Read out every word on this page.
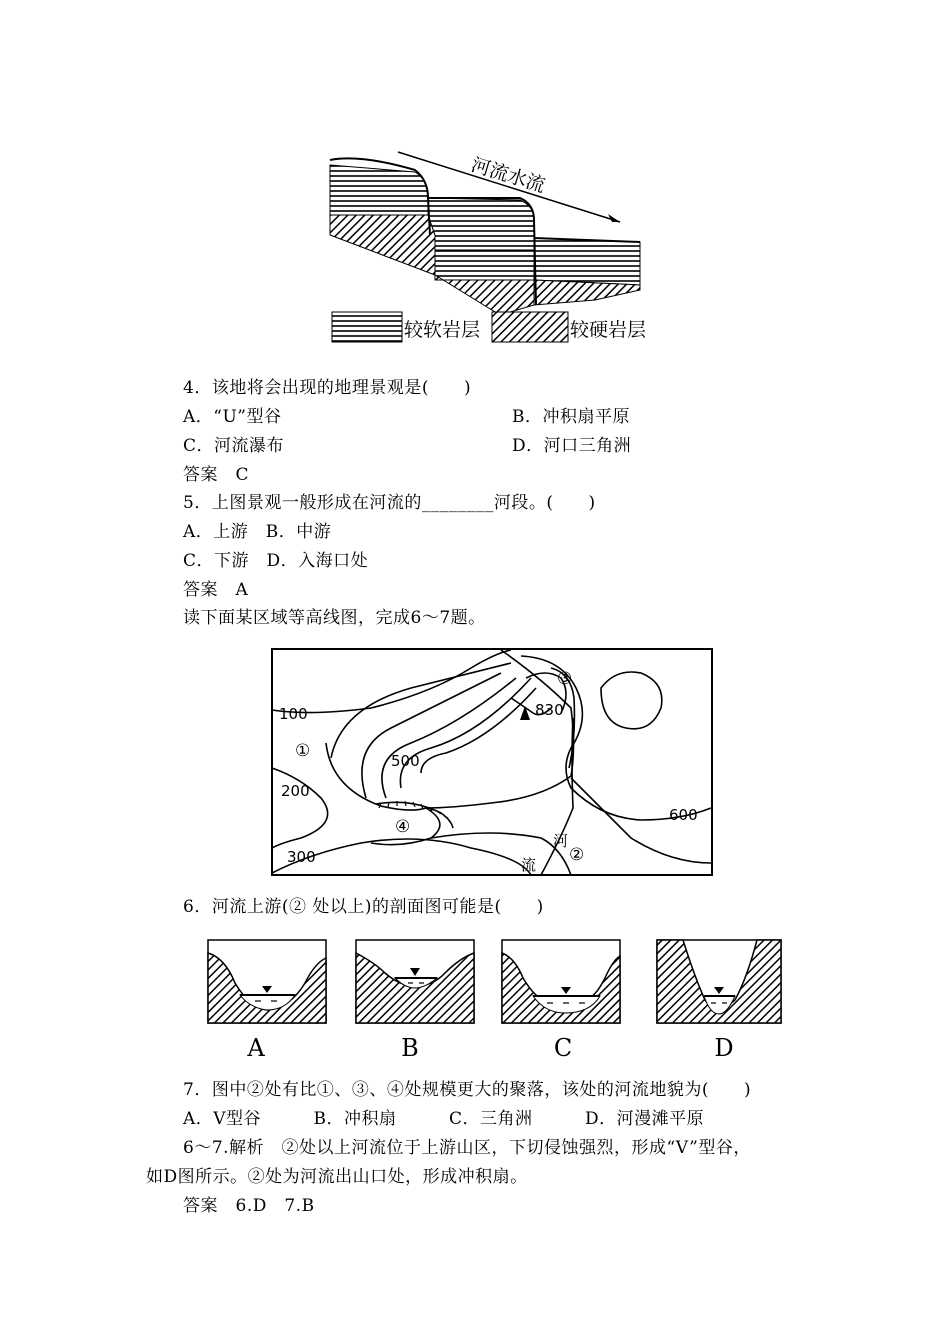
河流水流
较软岩层	较硬岩层
4．该地将会出现的地理景观是(　　)
A．“U”型谷	B．冲积扇平原
C．河流瀑布	D．河口三角洲
答案　C
5．上图景观一般形成在河流的________河段。(　　)
A．上游　B．中游
C．下游　D．入海口处
答案　A
读下面某区域等高线图，完成6～7题。
100
200
300
500
600
830
①
②
③
④
河
流
6．河流上游(② 处以上)的剖面图可能是(　　)
A	B	C	D
7．图中②处有比①、③、④处规模更大的聚落，该处的河流地貌为(　　)
A．V型谷　　　B．冲积扇　　　C．三角洲　　　D．河漫滩平原
6～7.解析　②处以上河流位于上游山区，下切侵蚀强烈，形成“V”型谷，
如D图所示。②处为河流出山口处，形成冲积扇。
答案　6.D　7.B
